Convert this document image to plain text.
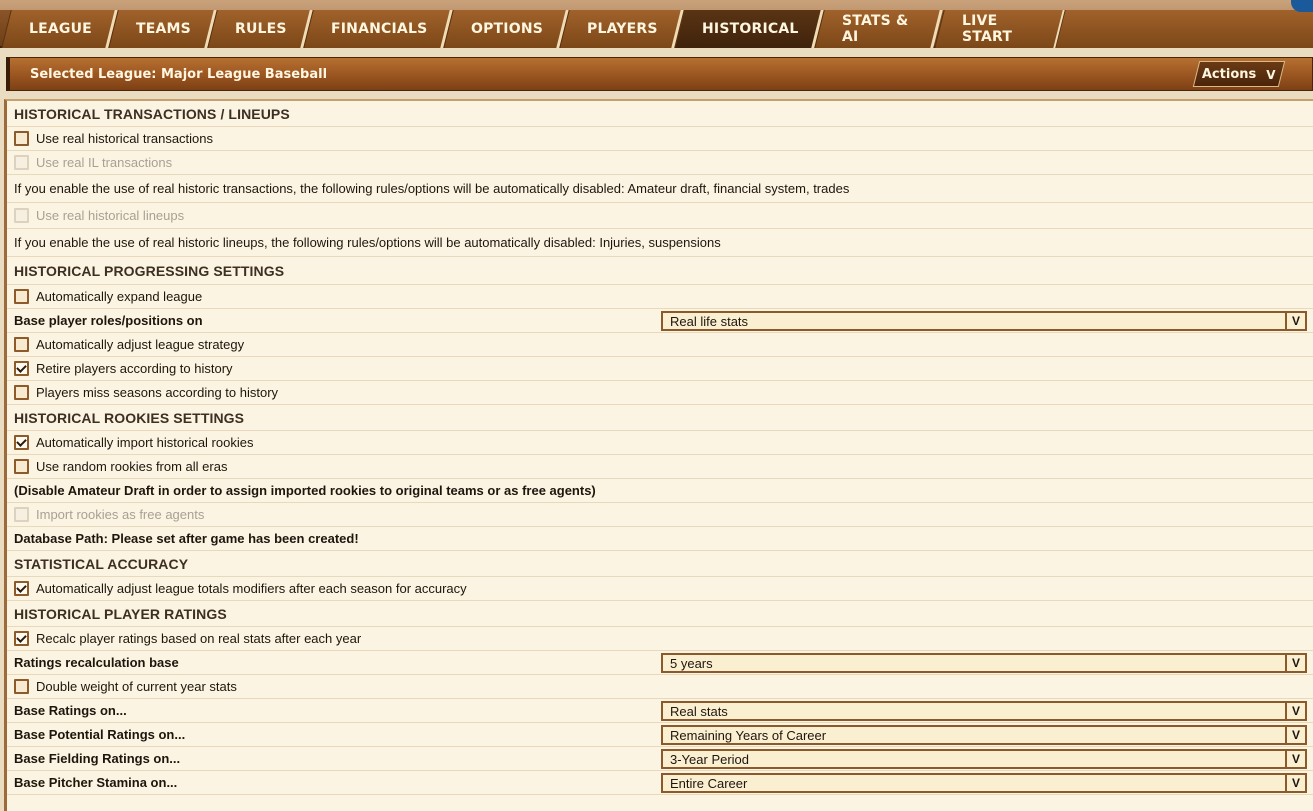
LEAGUE	TEAMS	RULES	FINANCIALS	OPTIONS	PLAYERS	HISTORICAL	STATS & AI
LIVE START
Selected League: Major League Baseball	Actions V
HISTORICAL TRANSACTIONS / LINEUPS
Use real historical transactions
Use real IL transactions
If you enable the use of real historic transactions, the following rules/options will be automatically disabled: Amateur draft, financial system, trades
Use real historical lineups
If you enable the use of real historic lineups, the following rules/options will be automatically disabled: Injuries, suspensions
HISTORICAL PROGRESSING SETTINGS
Automatically expand league
Base player roles/positions on	Real life stats	V
Automatically adjust league strategy
Retire players according to history
Players miss seasons according to history
HISTORICAL ROOKIES SETTINGS
Automatically import historical rookies
Use random rookies from all eras
(Disable Amateur Draft in order to assign imported rookies to original teams or as free agents)
Import rookies as free agents
Database Path: Please set after game has been created!
STATISTICAL ACCURACY
Automatically adjust league totals modifiers after each season for accuracy
HISTORICAL PLAYER RATINGS
Recalc player ratings based on real stats after each year
Ratings recalculation base	5 years	V
Double weight of current year stats
Base Ratings on...	Real stats	V
Base Potential Ratings on...	Remaining Years of Career	V
Base Fielding Ratings on...	3-Year Period	V
Base Pitcher Stamina on...	Entire Career	V
